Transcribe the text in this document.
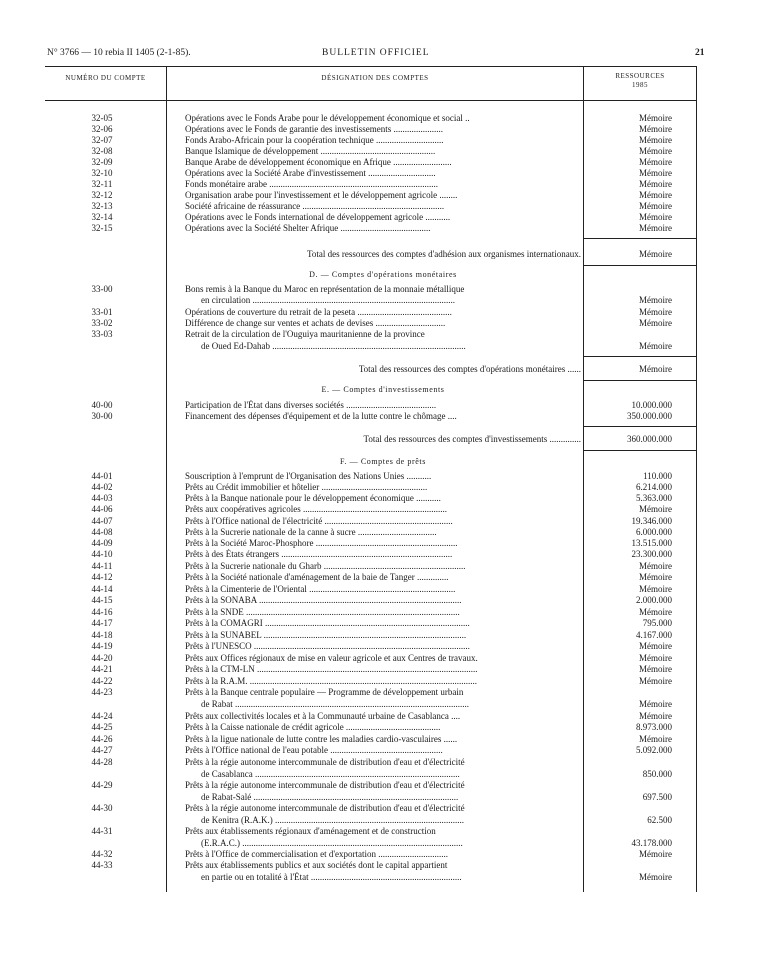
N° 3766 — 10 rebia II 1405 (2-1-85).	BULLETIN OFFICIEL	21
NUMÉRO DU COMPTE	DÉSIGNATION DES COMPTES	RESSOURCES
1985
32-05	Opérations avec le Fonds Arabe pour le développement économique et social ..	Mémoire
32-06	Opérations avec le Fonds de garantie des investissements ......................	Mémoire
32-07	Fonds Arabo-Africain pour la coopération technique ..............................	Mémoire
32-08	Banque Islamique de développement ...................................................	Mémoire
32-09	Banque Arabe de développement économique en Afrique ..........................	Mémoire
32-10	Opérations avec la Société Arabe d'investissement ..............................	Mémoire
32-11	Fonds monétaire arabe ...........................................................................	Mémoire
32-12	Organisation arabe pour l'investissement et le développement agricole ........	Mémoire
32-13	Société africaine de réassurance ...............................................................	Mémoire
32-14	Opérations avec le Fonds international de développement agricole ...........	Mémoire
32-15	Opérations avec la Société Shelter Afrique ........................................	Mémoire
Total des ressources des comptes d'adhésion aux organismes internationaux.	Mémoire
D. — Comptes d'opérations monétaires
33-00	Bons remis à la Banque du Maroc en représentation de la monnaie métallique
en circulation ..........................................................................................	Mémoire
33-01	Opérations de couverture du retrait de la peseta ..........................................	Mémoire
33-02	Différence de change sur ventes et achats de devises ...............................	Mémoire
33-03	Retrait de la circulation de l'Ouguiya mauritanienne de la province
de Oued Ed-Dahab ......................................................................................	Mémoire
Total des ressources des comptes d'opérations monétaires ......	Mémoire
E. — Comptes d'investissements
40-00	Participation de l'État dans diverses sociétés ........................................	10.000.000
30-00	Financement des dépenses d'équipement et de la lutte contre le chômage ....	350.000.000
Total des ressources des comptes d'investissements ..............	360.000.000
F. — Comptes de prêts
44-01	Souscription à l'emprunt de l'Organisation des Nations Unies ...........	110.000
44-02	Prêts au Crédit immobilier et hôtelier ...............................................	6.214.000
44-03	Prêts à la Banque nationale pour le développement économique ...........	5.363.000
44-06	Prêts aux coopératives agricoles ................................................................	Mémoire
44-07	Prêts à l'Office national de l'électricité .........................................................	19.346.000
44-08	Prêts à la Sucrerie nationale de la canne à sucre ...................................	6.000.000
44-09	Prêts à la Société Maroc-Phosphore ...............................................................	13.515.000
44-10	Prêts à des États étrangers ............................................................................	23.300.000
44-11	Prêts à la Sucrerie nationale du Gharb ...............................................................	Mémoire
44-12	Prêts à la Société nationale d'aménagement de la baie de Tanger ..............	Mémoire
44-14	Prêts à la Cimenterie de l'Oriental .................................................................	Mémoire
44-15	Prêts à la SONABA ..........................................................................................	2.000.000
44-16	Prêts à la SNDE ...............................................................................................	Mémoire
44-17	Prêts à la COMAGRI ...........................................................................................	795.000
44-18	Prêts à la SUNABEL ..........................................................................................	4.167.000
44-19	Prêts à l'UNESCO ................................................................................................	Mémoire
44-20	Prêts aux Offices régionaux de mise en valeur agricole et aux Centres de travaux.	Mémoire
44-21	Prêts à la CTM-LN ..................................................................................................	Mémoire
44-22	Prêts à la R.A.M. .....................................................................................................	Mémoire
44-23	Prêts à la Banque centrale populaire — Programme de développement urbain
de Rabat ........................................................................................................	Mémoire
44-24	Prêts aux collectivités locales et à la Communauté urbaine de Casablanca ....	Mémoire
44-25	Prêts à la Caisse nationale de crédit agricole ..........................................	8.973.000
44-26	Prêts à la ligue nationale de lutte contre les maladies cardio-vasculaires ......	Mémoire
44-27	Prêts à l'Office national de l'eau potable ..................................................	5.092.000
44-28	Prêts à la régie autonome intercommunale de distribution d'eau et d'électricité
de Casablanca ...........................................................................................	850.000
44-29	Prêts à la régie autonome intercommunale de distribution d'eau et d'électricité
de Rabat-Salé ...........................................................................................	697.500
44-30	Prêts à la régie autonome intercommunale de distribution d'eau et d'électricité
de Kenitra (R.A.K.) ....................................................................................	62.500
44-31	Prêts aux établissements régionaux d'aménagement et de construction
(E.R.A.C.) ..................................................................................................	43.178.000
44-32	Prêts à l'Office de commercialisation et d'exportation ...............................	Mémoire
44-33	Prêts aux établissements publics et aux sociétés dont le capital appartient
en partie ou en totalité à l'État ...................................................................	Mémoire
